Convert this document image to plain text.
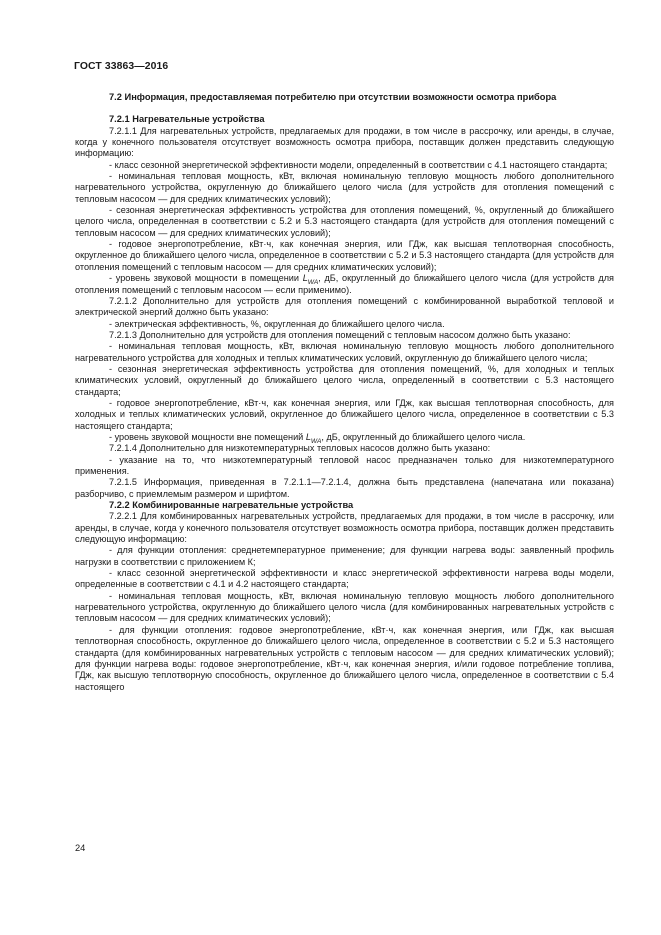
ГОСТ 33863—2016

7.2 Информация, предоставляемая потребителю при отсутствии возможности осмотра прибора

7.2.1 Нагревательные устройства

7.2.1.1 Для нагревательных устройств, предлагаемых для продажи, в том числе в рассрочку, или аренды, в случае, когда у конечного пользователя отсутствует возможность осмотра прибора, поставщик должен представить следующую информацию:

- класс сезонной энергетической эффективности модели, определенный в соответствии с 4.1 настоящего стандарта;

- номинальная тепловая мощность, кВт, включая номинальную тепловую мощность любого дополнительного нагревательного устройства, округленную до ближайшего целого числа (для устройств для отопления помещений с тепловым насосом — для средних климатических условий);

- сезонная энергетическая эффективность устройства для отопления помещений, %, округленный до ближайшего целого числа, определенная в соответствии с 5.2 и 5.3 настоящего стандарта (для устройств для отопления помещений с тепловым насосом — для средних климатических условий);

- годовое энергопотребление, кВт·ч, как конечная энергия, или ГДж, как высшая теплотворная способность, округленное до ближайшего целого числа, определенное в соответствии с 5.2 и 5.3 настоящего стандарта (для устройств для отопления помещений с тепловым насосом — для средних климатических условий);

- уровень звуковой мощности в помещении $L_{WA}$, дБ, округленный до ближайшего целого числа (для устройств для отопления помещений с тепловым насосом — если применимо).

7.2.1.2 Дополнительно для устройств для отопления помещений с комбинированной выработкой тепловой и электрической энергий должно быть указано:

- электрическая эффективность, %, округленная до ближайшего целого числа.

7.2.1.3 Дополнительно для устройств для отопления помещений с тепловым насосом должно быть указано:

- номинальная тепловая мощность, кВт, включая номинальную тепловую мощность любого дополнительного нагревательного устройства для холодных и теплых климатических условий, округленную до ближайшего целого числа;

- сезонная энергетическая эффективность устройства для отопления помещений, %, для холодных и теплых климатических условий, округленный до ближайшего целого числа, определенный в соответствии с 5.3 настоящего стандарта;

- годовое энергопотребление, кВт·ч, как конечная энергия, или ГДж, как высшая теплотворная способность, для холодных и теплых климатических условий, округленное до ближайшего целого числа, определенное в соответствии с 5.3 настоящего стандарта;

- уровень звуковой мощности вне помещений $L_{WA}$, дБ, округленный до ближайшего целого числа.

7.2.1.4 Дополнительно для низкотемпературных тепловых насосов должно быть указано:

- указание на то, что низкотемпературный тепловой насос предназначен только для низкотемпературного применения.

7.2.1.5 Информация, приведенная в 7.2.1.1—7.2.1.4, должна быть представлена (напечатана или показана) разборчиво, с приемлемым размером и шрифтом.

7.2.2 Комбинированные нагревательные устройства

7.2.2.1 Для комбинированных нагревательных устройств, предлагаемых для продажи, в том числе в рассрочку, или аренды, в случае, когда у конечного пользователя отсутствует возможность осмотра прибора, поставщик должен представить следующую информацию:

- для функции отопления: среднетемпературное применение; для функции нагрева воды: заявленный профиль нагрузки в соответствии с приложением К;

- класс сезонной энергетической эффективности и класс энергетической эффективности нагрева воды модели, определенные в соответствии с 4.1 и 4.2 настоящего стандарта;

- номинальная тепловая мощность, кВт, включая номинальную тепловую мощность любого дополнительного нагревательного устройства, округленную до ближайшего целого числа (для комбинированных нагревательных устройств с тепловым насосом — для средних климатических условий);

- для функции отопления: годовое энергопотребление, кВт·ч, как конечная энергия, или ГДж, как высшая теплотворная способность, округленное до ближайшего целого числа, определенное в соответствии с 5.2 и 5.3 настоящего стандарта (для комбинированных нагревательных устройств с тепловым насосом — для средних климатических условий); для функции нагрева воды: годовое энергопотребление, кВт·ч, как конечная энергия, и/или годовое потребление топлива, ГДж, как высшую теплотворную способность, округленное до ближайшего целого числа, определенное в соответствии с 5.4 настоящего

24
